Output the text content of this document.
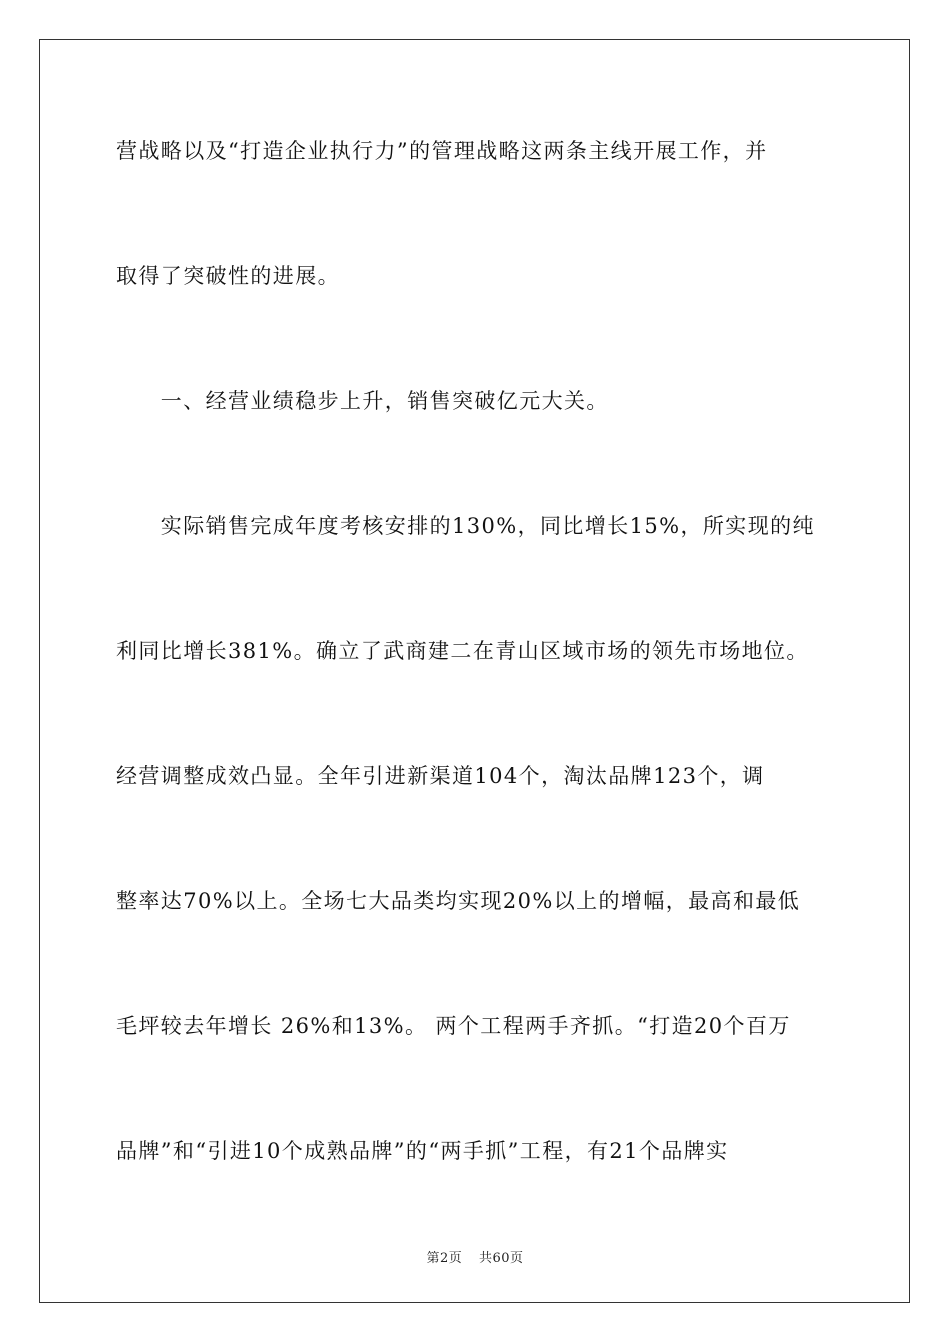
营战略以及“打造企业执行力”的管理战略这两条主线开展工作，并
取得了突破性的进展。
　　一、经营业绩稳步上升，销售突破亿元大关。
　　实际销售完成年度考核安排的130%，同比增长15%，所实现的纯
利同比增长381%。确立了武商建二在青山区域市场的领先市场地位。
经营调整成效凸显。全年引进新渠道104个，淘汰品牌123个，调
整率达70%以上。全场七大品类均实现20%以上的增幅，最高和最低
毛坪较去年增长 26%和13%。 两个工程两手齐抓。“打造20个百万
品牌”和“引进10个成熟品牌”的“两手抓”工程，有21个品牌实
第2页 共60页
